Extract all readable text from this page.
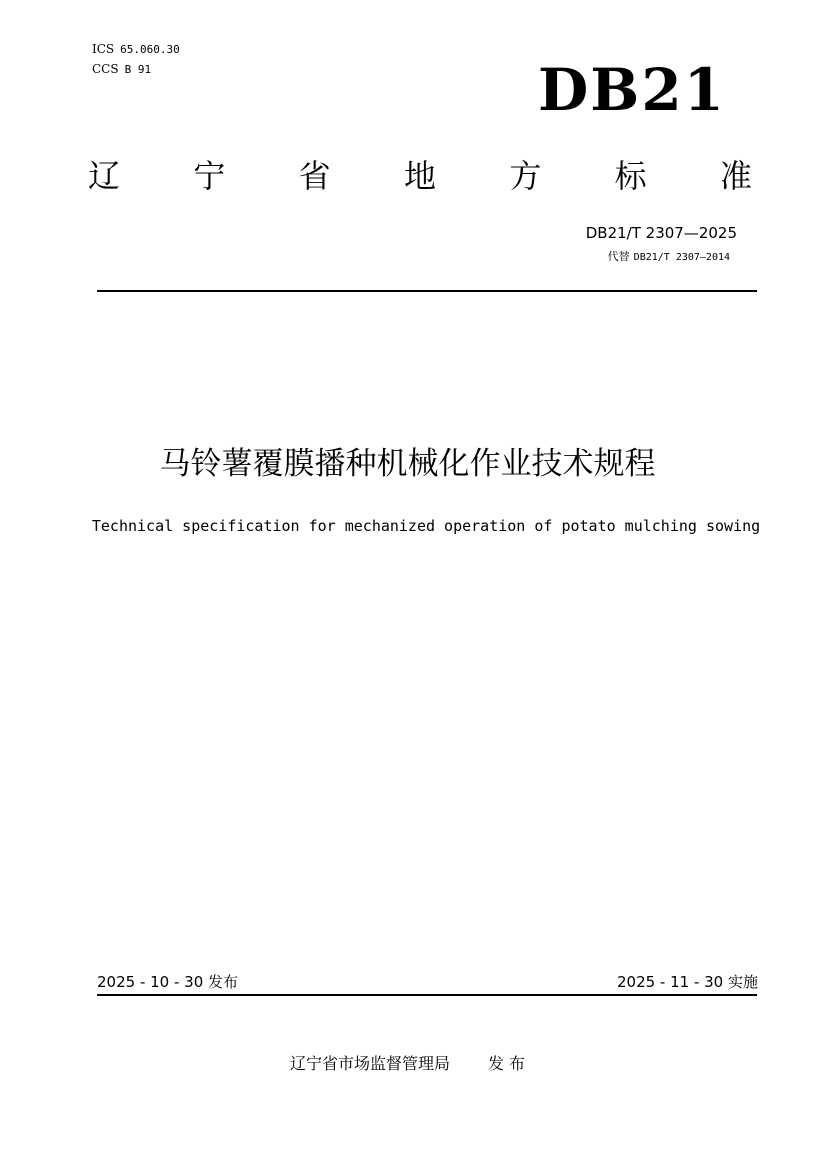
ICS 65.060.30
CCS B 91	DB21
辽 宁 省 地 方 标 准
DB21/T 2307—2025
代替 DB21/T 2307—2014
马铃薯覆膜播种机械化作业技术规程
Technical specification for mechanized operation of potato mulching sowing
2025 - 10 - 30 发布	2025 - 11 - 30 实施
辽宁省市场监督管理局 发 布
